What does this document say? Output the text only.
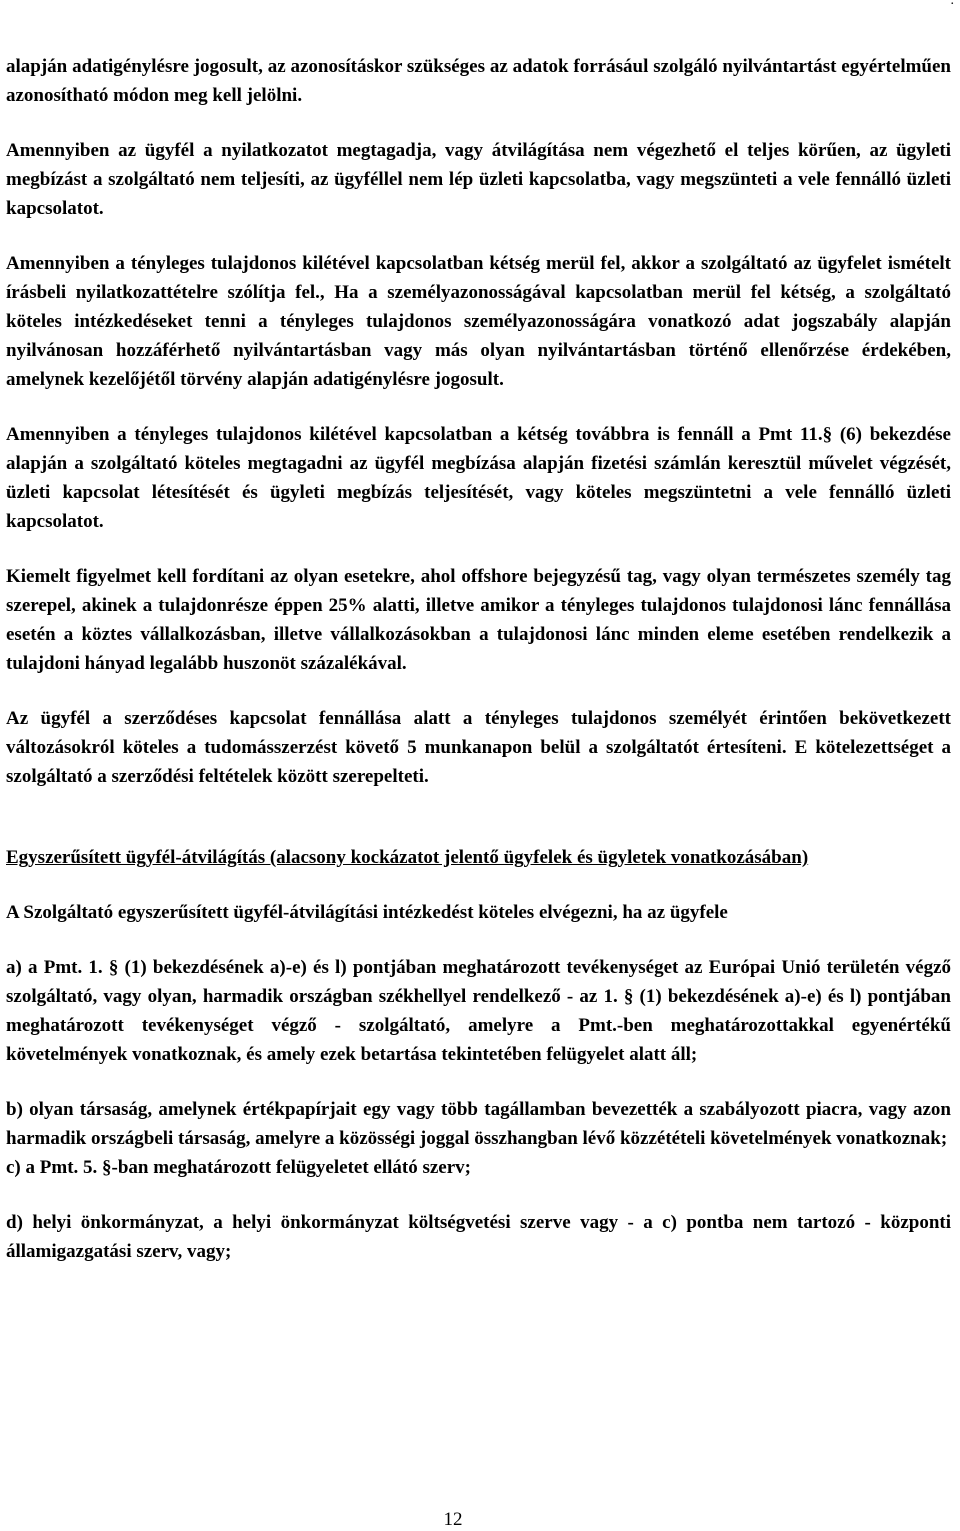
.

alapján adatigénylésre jogosult, az azonosításkor szükséges az adatok forrásául szolgáló nyilvántartást egyértelműen azonosítható módon meg kell jelölni.

Amennyiben az ügyfél a nyilatkozatot megtagadja, vagy átvilágítása nem végezhető el teljes körűen, az ügyleti megbízást a szolgáltató nem teljesíti, az ügyféllel nem lép üzleti kapcsolatba, vagy megszünteti a vele fennálló üzleti kapcsolatot.

Amennyiben a tényleges tulajdonos kilétével kapcsolatban kétség merül fel, akkor a szolgáltató az ügyfelet ismételt írásbeli nyilatkozattételre szólítja fel., Ha a személyazonosságával kapcsolatban merül fel kétség, a szolgáltató köteles intézkedéseket tenni a tényleges tulajdonos személyazonosságára vonatkozó adat jogszabály alapján nyilvánosan hozzáférhető nyilvántartásban vagy más olyan nyilvántartásban történő ellenőrzése érdekében, amelynek kezelőjétől törvény alapján adatigénylésre jogosult.

Amennyiben a tényleges tulajdonos kilétével kapcsolatban a kétség továbbra is fennáll a Pmt 11.§ (6) bekezdése alapján a szolgáltató köteles megtagadni az ügyfél megbízása alapján fizetési számlán keresztül művelet végzését, üzleti kapcsolat létesítését és ügyleti megbízás teljesítését, vagy köteles megszüntetni a vele fennálló üzleti kapcsolatot.

Kiemelt figyelmet kell fordítani az olyan esetekre, ahol offshore bejegyzésű tag, vagy olyan természetes személy tag szerepel, akinek a tulajdonrésze éppen 25% alatti, illetve amikor a tényleges tulajdonos tulajdonosi lánc fennállása esetén a köztes vállalkozásban, illetve vállalkozásokban a tulajdonosi lánc minden eleme esetében rendelkezik a tulajdoni hányad legalább huszonöt százalékával.

Az ügyfél a szerződéses kapcsolat fennállása alatt a tényleges tulajdonos személyét érintően bekövetkezett változásokról köteles a tudomásszerzést követő 5 munkanapon belül a szolgáltatót értesíteni. E kötelezettséget a szolgáltató a szerződési feltételek között szerepelteti.

Egyszerűsített ügyfél-átvilágítás (alacsony kockázatot jelentő ügyfelek és ügyletek vonatkozásában)

A Szolgáltató egyszerűsített ügyfél-átvilágítási intézkedést köteles elvégezni, ha az ügyfele

a) a Pmt. 1. § (1) bekezdésének a)-e) és l) pontjában meghatározott tevékenységet az Európai Unió területén végző szolgáltató, vagy olyan, harmadik országban székhellyel rendelkező - az 1. § (1) bekezdésének a)-e) és l) pontjában meghatározott tevékenységet végző - szolgáltató, amelyre a Pmt.-ben meghatározottakkal egyenértékű követelmények vonatkoznak, és amely ezek betartása tekintetében felügyelet alatt áll;

b) olyan társaság, amelynek értékpapírjait egy vagy több tagállamban bevezették a szabályozott piacra, vagy azon harmadik országbeli társaság, amelyre a közösségi joggal összhangban lévő közzétételi követelmények vonatkoznak;

c) a Pmt. 5. §-ban meghatározott felügyeletet ellátó szerv;

d) helyi önkormányzat, a helyi önkormányzat költségvetési szerve vagy - a c) pontba nem tartozó - központi államigazgatási szerv, vagy;

12
